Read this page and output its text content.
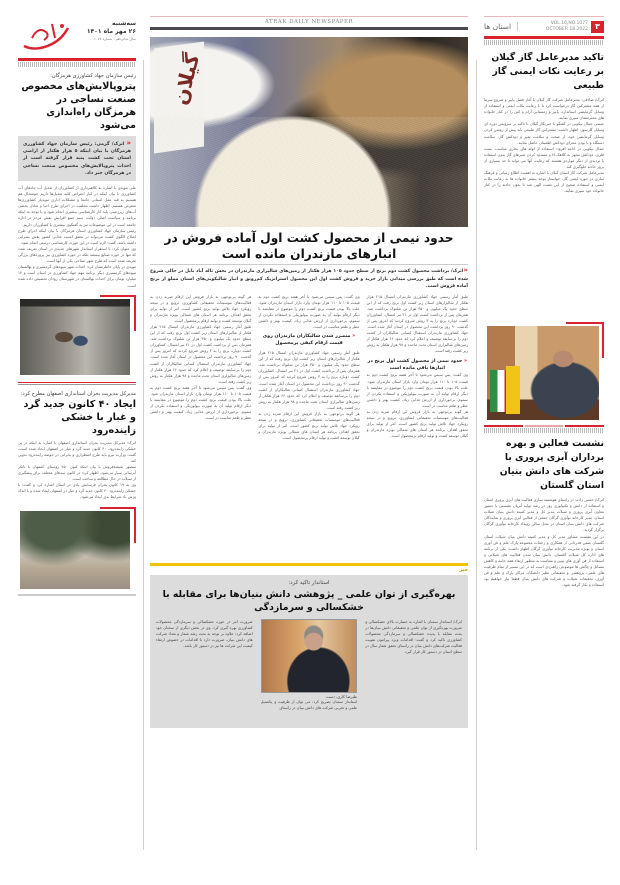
سه‌شنبه
۲۶ مهر ماه ۱۴۰۱
سال شانزدهم - شماره ۱۰۷۷
رئیس سازمان جهاد کشاورزی هرمزگان:
پتروپالایش‌های مخصوص صنعت نساجی در هرمزگان راه‌اندازی می‌شود
«اترک/ گرمی: رئیس سازمان جهاد کشاورزی هرمزگان با بیان اینکه ۵ هزار هکتار از اراضی استان تحت کشت پنبه قرار گرفته است از احداث پتروپالایش‌های مخصوص صنعت نساجی در هرمزگان خبر داد.

علی مویدی با اشاره به کلاهبرداری از کشاورزان از تعدیل آب چاه‌های آب کشاورزی با بیان اینکه در کنار اعتراض کلبه تعدیل‌ها داریم خوشحال هم هستیم به قید عمل استانی جامعا و مشکلات اداری مویدیار کشاورزی‌ها معترض هستیم. اظهار داشت مخلفت در اجرای طرح احیا و تعادل بخشی آب‌های زیرزمینی باید کار کارشناسی بیشتری انجام شود و با توجه به اینکه برنامه و سیاست اصلی دولت، سیم جمع افزایش نقش مردم در اداره جامعه است در این موضوعات نیز به گفتگوی بیشتری با کشاورزان داریم.

رئیس سازمان جهاد کشاورزی استان هرمزگان با بیان اینکه اجرای طرح اصلاح الگوی کشت می‌تواند در تحقق امنیت غذایی کشور نقش بسزایی داشته باشد، گفت: لازم است در این حوزه، کارشناسی درستی انجام شود.

وی عنوان کرد: با استقرار استاندار شهرهای جدیدی در استان تعریف شده که تنها در حوزه صنایع نیستند بلکه در حوزه کشاورزی نیز پروژه‌های بزرگی تعریف شده است که طرح شهر نساجی یکی از آنها است.

مویدی در پایان خاطرنشان کرد: احداث شهر میوه‌های گرمسیری و نهالستان میوه‌های گرمسیری دیگر برنامه مهم جهاد کشاورزی در استان است و ۱۴ میلیارد تومان برای احداث نهالستان در شهرستان رودان تخصیص داده شده است.

مدیرکل مدیریت بحران استانداری اصفهان مطرح کرد:
ایجاد ۴۰ کانون جدید گرد و غبار با خشکی زاینده‌رود

اترک: مدیرکل مدیریت بحران استانداری اصفهان با اشاره به اینکه در پی خشکی زاینده‌رود، ۴۰ کانون جدید گرد و غبار در اصفهان ایجاد شده است، گفت: وزارت نیرو باید طرح اضطراری و بحرانی در حوضه زاینده‌رود تدوین کند.

منصور شیشه‌فروش با بیان اینکه کنون ۴۵۰ روستای اصفهان با تانکر آبرسانی سیار می‌شود، اظهار کرد: در کانون سدهای مختلف برای پیشگیری از سیلاب در حال مطالعه و ساخت است.

وی به ۱۹ کانون بحران فرسایش بادی در استان اشاره کرد و گفت: با خشکی زاینده‌رود ۴۰ کانون جدید گرد و غبار در اصفهان ایجاد شده و با اندک وزش باد شرایط بدی ایجاد می‌شود.

ATRAK DAILY NEWSPAPER
گیلان
حدود نیمی از محصول کشت اول آماده فروش در انبارهای مازندران مانده است
«اترک/ برداشت محصول کشت دوم برنج از سطح حدود ۱۰۵ هزار هکتار از زمین‌های شالیزاری مازندران در بخش تاله آباد بابل در حالی شروع شده است که طبق بررسی میدانی بازار خرید و فروش کشت اول این محصول استراتژیک کم‌رونق و انبار شالیکوبی‌های استان مملو از برنج آماده فروش است.

طبق آمار رسمی جهاد کشاورزی مازندران امسال ۲۱۵ هزار هکتار از شالیزارهای استان زیر کشت اول برنج رفت که از این سطح حدود یک میلیون و ۳۵۰ هزار تن شلتوک برداشت شد. همزمان پس از برداشت کشت اول در ۲۱ تیر امسال، کشاورزان کشت دوباره برنج را به ۳ روش شروع کردند که امروز پس از گذشت ۹۰ روز برداشت این محصول در استان آغاز شده است. جهاد کشاورزی مازندران استقبال کسانی شالیکاران از کشت دوم را بی‌سابقه توصیف و اعلام کرد که حدود ۶۶ هزار هکتار از زمین‌های شالیزاری استان تحت ماجده و ۹۸ هزار هکتار به روش زیر کشت رفته است.

« حدود نیمی از محصول کشت اول برنج در انبارها باقی مانده است

وی گفت: پس سیس می‌شود تا آخر هفته برنج کشت دوم به قیمت ۱۰۵ تا ۱۱۰ هزار تومان وارد بازار استان مازندران شود. علت بالا بودن قیمت برنج کشت دوم را موضوع در مقایسه با دیگر ارقام تولید آن به صورت بیولوژیکی و استفاده نکردن از سموم، برخورداری از ارزش غذایی زیاد، کیفیت بهتر و داشتن عطر و طعم مناسب در است.

هر گونه بی‌توجهی به بازار فروش این ارقام ضربه زدن به فعالیت‌های موسسات تحقیقاتی کشاورزی، ترویج و در نتیجه رویکرد جهاد تلاش تولید برنج کشور است. امر از تولید برای تحقق اهداف برنامه هر استان های شمالی بویژه مازندران و گیلان توسعه کشت و تولید ارقام پرمحصول است.

وی گفت: پس سیس می‌شود تا آخر هفته برنج کشت دوم به قیمت ۱۰۵ تا ۱۱۰ هزار تومان وارد بازار استان مازندران شود. علت بالا بودن قیمت برنج کشت دوم را موضوع در مقایسه با دیگر ارقام تولید آن به صورت بیولوژیکی و استفاده نکردن از سموم، برخورداری از ارزش غذایی زیاد، کیفیت بهتر و داشتن عطر و طعم مناسب در است.

« منضرر شدن شالیکاران مازندران روی قیمت ارقام کیفی پرمحصول

طبق آمار رسمی جهاد کشاورزی مازندران امسال ۲۱۵ هزار هکتار از شالیزارهای استان زیر کشت اول برنج رفت که از این سطح حدود یک میلیون و ۳۵۰ هزار تن شلتوک برداشت شد. همزمان پس از برداشت کشت اول در ۲۱ تیر امسال، کشاورزان کشت دوباره برنج را به ۳ روش شروع کردند که امروز پس از گذشت ۹۰ روز برداشت این محصول در استان آغاز شده است. جهاد کشاورزی مازندران استقبال کسانی شالیکاران از کشت دوم را بی‌سابقه توصیف و اعلام کرد که حدود ۶۶ هزار هکتار از زمین‌های شالیزاری استان تحت ماجده و ۹۸ هزار هکتار به روش زیر کشت رفته است.

هر گونه بی‌توجهی به بازار فروش این ارقام ضربه زدن به فعالیت‌های موسسات تحقیقاتی کشاورزی، ترویج و در نتیجه رویکرد جهاد تلاش تولید برنج کشور است. امر از تولید برای تحقق اهداف برنامه هر استان های شمالی بویژه مازندران و گیلان توسعه کشت و تولید ارقام پرمحصول است.

هر گونه بی‌توجهی به بازار فروش این ارقام ضربه زدن به فعالیت‌های موسسات تحقیقاتی کشاورزی، ترویج و در نتیجه رویکرد جهاد تلاش تولید برنج کشور است. امر از تولید برای تحقق اهداف برنامه هر استان های شمالی بویژه مازندران و گیلان توسعه کشت و تولید ارقام پرمحصول است.

طبق آمار رسمی جهاد کشاورزی مازندران امسال ۲۱۵ هزار هکتار از شالیزارهای استان زیر کشت اول برنج رفت که از این سطح حدود یک میلیون و ۳۵۰ هزار تن شلتوک برداشت شد. همزمان پس از برداشت کشت اول در ۲۱ تیر امسال، کشاورزان کشت دوباره برنج را به ۳ روش شروع کردند که امروز پس از گذشت ۹۰ روز برداشت این محصول در استان آغاز شده است. جهاد کشاورزی مازندران استقبال کسانی شالیکاران از کشت دوم را بی‌سابقه توصیف و اعلام کرد که حدود ۶۶ هزار هکتار از زمین‌های شالیزاری استان تحت ماجده و ۹۸ هزار هکتار به روش زیر کشت رفته است.

وی گفت: پس سیس می‌شود تا آخر هفته برنج کشت دوم به قیمت ۱۰۵ تا ۱۱۰ هزار تومان وارد بازار استان مازندران شود. علت بالا بودن قیمت برنج کشت دوم را موضوع در مقایسه با دیگر ارقام تولید آن به صورت بیولوژیکی و استفاده نکردن از سموم، برخورداری از ارزش غذایی زیاد، کیفیت بهتر و داشتن عطر و طعم مناسب در است.

خبر
استاندار تاکید کرد:
بهره‌گیری از توان علمی _ پژوهشی دانش بنیان‌ها برای مقابله با خشکسالی و سرمازدگی

اترک/ استاندار سمنان با اشاره به خسارت بالای خشکسالی و ضرورت بهره‌گیری از توان علمی و تحقیقاتی دانش بنیان‌ها در بحث مقابله با پدیده خشکسالی و سرمازدگی محصولات کشاورزی تاکید کرد و گفت: اقدامات ویژه پیرامون تقویت فعالیت شرکت‌های دانش بنیان در راستای تحقق شعار سال در سطح استان در دستور کار قرار گیرد.

علیرضا کاری، دست

استاندار سمنان تصریح کرد: می توان از ظرفیت و پتانسیل علمی و تجربی شرکت های دانش بنیان در راستای

ضرورت امر در حوزه خشکسالی و سرمازدگی محصولات کشاورزی بهره گیری کرد. وی در بخش دیگری از سخنان خود اضافه کرد: علاوه بر توجه به بحث رشد شمار و تعداد شرکت های دانش بنیان، ضرورت دارد با اقدامات در خصوص ارتقاء کیفیت این شرکت ها نیز در دستور کار باشد.

استان ها	VOL.16,NO.1077
OCTOBER 18.2022 ۳
تاکید مدیرعامل گاز گیلان بر رعایت نکات ایمنی گاز طبیعی

اترک/ صادقی: مدیرعامل شرکت گاز گیلان با آغاز فصل پاییز و شروع سرما از همه مشترکین گاز درخواست کرد تا با رعایت نکات ایمنی و استفاده از وسایل گرمایشی استاندارد، پاییز و زمستانی آرام و امن را در کنار خانواده های محترمشان سپری نمایند.

عیسی جمال نیکویی در گفتگو با خبرنگار گیلان با تاکید بر سرویس دوره ای وسایل گازسوز، اظهار داشت: مشترکین گاز طبیعی باید پیش از روشن کردن وسایل گرمایشی خود، از صحت و سلامت تمیز و دودکش گاز، سلامت دستگاه و یا بودن مجرای دودکش اطمینان حاصل نمایند.

جمال نیکویی در ادامه افزود: استفاده از لوله های بخاری مناسب، بست فلزی، دودکش مجهز به کلاهک H و مسدود کردن شیرهای گاز بدون استفاده یا تردیدی از دیگر مواردی هستند که رعایت آنها می تواند تا حد بسیاری از بروز حادثه جلوگیری کند.

مدیرعامل شرکت گاز استان گیلان با اشاره به اهمیت اطلاع رسانی و فرهنگ سازی در حوزه ایمنی گاز، خواستار توجه بیشتر خانواده ها به رعایت نکات ایمنی و استفاده صحیح از این نعمت الهی شد تا بدون حادثه را در کنار خانواده خود سپری نمایند.

نشست فعالین و بهره برداران آبزی پروری با شرکت های دانش بنیان استان گلستان

اترک/ حسین زاده: در راستای هوشمند سازی فعالیت های آبزی پروری استان و استفاده از دانش و تکنولوژی روز در رشد تولید آبزیان نشستی با حضور معاون آبزی پروری و شیلات مدیر کل و مدیر کمیته دانش بنیان شیلات استان، مدیر کارخانه نوآوری گرگان جمعی از فعالین آبزی پروری و نمایندگان شرکت های دانش بنیان استان در محل سالن رویداد کارخانه نوآوری گرگان برگزار گردید.

در این نشست مشاور مدیر کل و مدیر کمیته دانش بنیان شیلات استان گلستان ضمن قدردانی از همکاری و زحمات مجموعه پارک علم و فن آوری استان و بویژه مدیریت کارخانه نوآوری گرگان اظهار داشت: یکی از برنامه های اداره کل شیلات گلستان، دانش بنیان شدن فعالیت های شیلاتی و استفاده از فن آوری های نوین و متناسب به منظور ارتقاء همه جانبه و کاهش مسائل و چالش ها موضوعی راهبردی است که در این مسیر از تمام ظرفیت های علمی، پژوهشی و تحقیقاتی نظیر دانشگاه، مراکز پارک و علم و فن آوری، تحقیقات شیلات و شرکت های دانش بنیان قطعا نیاز خواهیم بود استفاده و بکار گرفته شود.
